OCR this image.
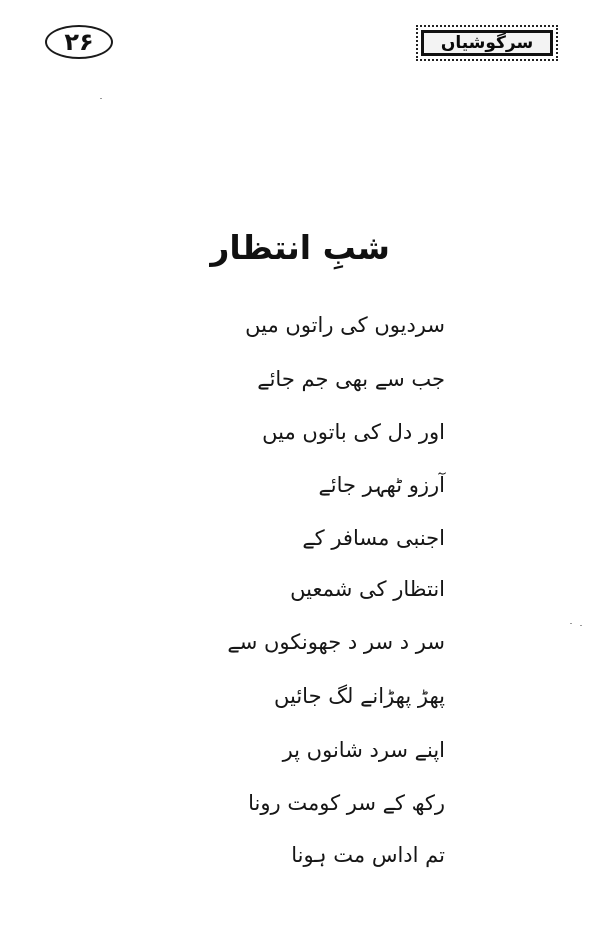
۲۶	سرگوشیاں
شبِ انتظار
سردیوں کی راتوں میں
جب سے بھی جم جائے
اور دل کی باتوں میں
آرزو ٹھہر جائے
اجنبی مسافر کے
انتظار کی شمعیں
سر د سر د جھونکوں سے
پھڑ پھڑانے لگ جائیں
اپنے سرد شانوں پر
رکھ کے سر کومت رونا
تم اداس مت ہونا
